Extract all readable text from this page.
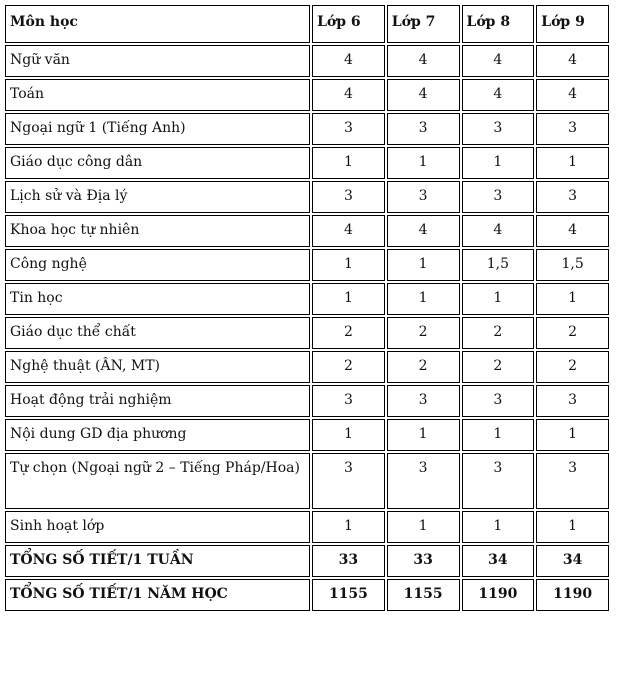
Môn học	Lớp 6	Lớp 7	Lớp 8	Lớp 9
Ngữ văn	4	4	4	4
Toán	4	4	4	4
Ngoại ngữ 1 (Tiếng Anh)	3	3	3	3
Giáo dục công dân	1	1	1	1
Lịch sử và Địa lý	3	3	3	3
Khoa học tự nhiên	4	4	4	4
Công nghệ	1	1	1,5	1,5
Tin học	1	1	1	1
Giáo dục thể chất	2	2	2	2
Nghệ thuật (ÂN, MT)	2	2	2	2
Hoạt động trải nghiệm	3	3	3	3
Nội dung GD địa phương	1	1	1	1
Tự chọn (Ngoại ngữ 2 – Tiếng Pháp/Hoa)	3	3	3	3
Sinh hoạt lớp	1	1	1	1
TỔNG SỐ TIẾT/1 TUẦN	33	33	34	34
TỔNG SỐ TIẾT/1 NĂM HỌC	1155	1155	1190	1190
